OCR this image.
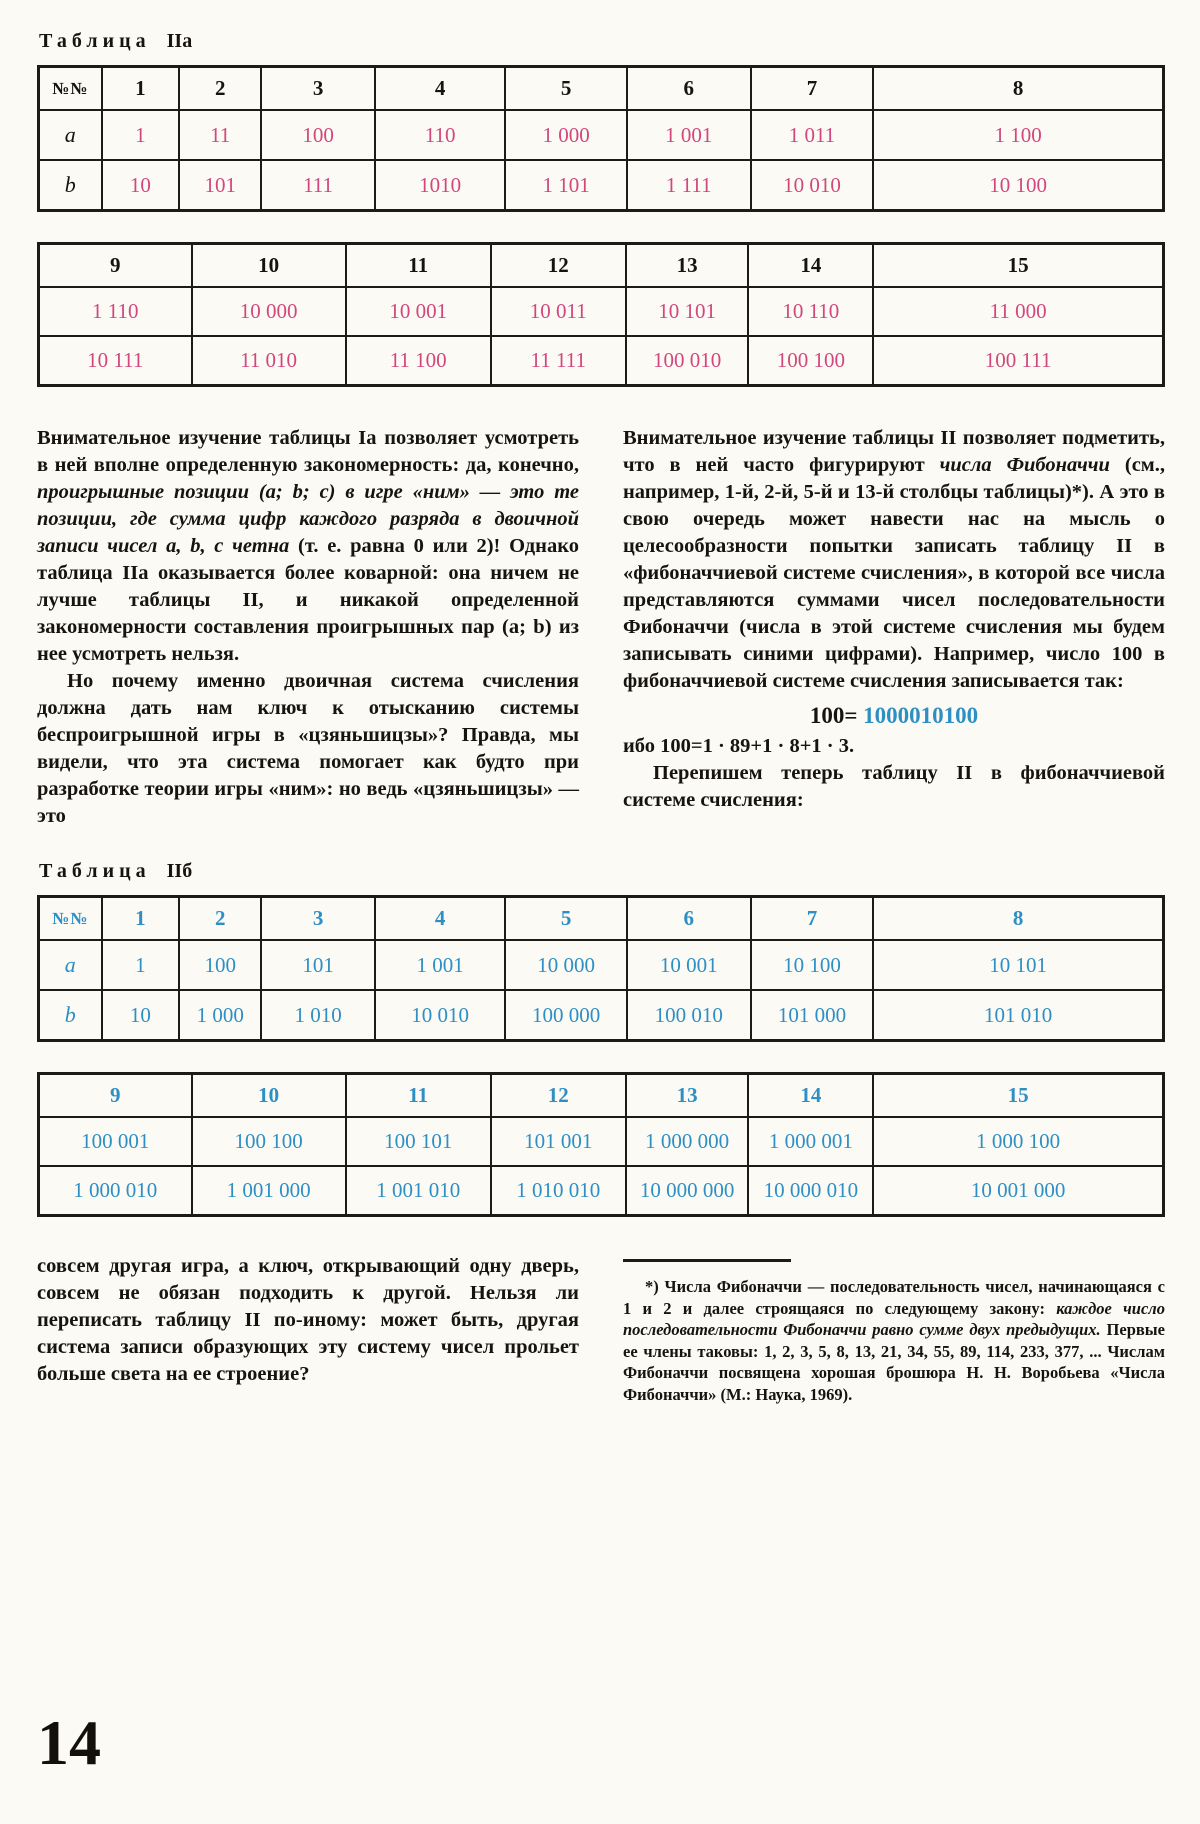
Таблица IIа
№№	1	2	3	4	5	6	7	8
a	1	11	100	110	1 000	1 001	1 011	1 100
b	10	101	111	1010	1 101	1 111	10 010	10 100
9	10	11	12	13	14	15
1 110	10 000	10 001	10 011	10 101	10 110	11 000
10 111	11 010	11 100	11 111	100 010	100 100	100 111

Внимательное изучение таблицы Iа позволяет усмотреть в ней вполне определенную закономерность: да, конечно, проигрышные позиции (a; b; c) в игре «ним» — это те позиции, где сумма цифр каждого разряда в двоичной записи чисел a, b, c четна (т. е. равна 0 или 2)! Однако таблица IIа оказывается более коварной: она ничем не лучше таблицы II, и никакой определенной закономерности составления проигрышных пар (a; b) из нее усмотреть нельзя.

Но почему именно двоичная система счисления должна дать нам ключ к отысканию системы беспроигрышной игры в «цзяньшицзы»? Правда, мы видели, что эта система помогает как будто при разработке теории игры «ним»: но ведь «цзяньшицзы» — это

Внимательное изучение таблицы II позволяет подметить, что в ней часто фигурируют числа Фибоначчи (см., например, 1-й, 2-й, 5-й и 13-й столбцы таблицы)*). А это в свою очередь может навести нас на мысль о целесообразности попытки записать таблицу II в «фибоначчиевой системе счисления», в которой все числа представляются суммами чисел последовательности Фибоначчи (числа в этой системе счисления мы будем записывать синими цифрами). Например, число 100 в фибоначчиевой системе счисления записывается так:

100= 1000010100

ибо 100=1 · 89+1 · 8+1 · 3.

Перепишем теперь таблицу II в фибоначчиевой системе счисления:

Таблица IIб
№№	1	2	3	4	5	6	7	8
a	1	100	101	1 001	10 000	10 001	10 100	10 101
b	10	1 000	1 010	10 010	100 000	100 010	101 000	101 010
9	10	11	12	13	14	15
100 001	100 100	100 101	101 001	1 000 000	1 000 001	1 000 100
1 000 010	1 001 000	1 001 010	1 010 010	10 000 000	10 000 010	10 001 000

совсем другая игра, а ключ, открывающий одну дверь, совсем не обязан подходить к другой. Нельзя ли переписать таблицу II по-иному: может быть, другая система записи образующих эту систему чисел прольет больше света на ее строение?

*) Числа Фибоначчи — последовательность чисел, начинающаяся с 1 и 2 и далее строящаяся по следующему закону: каждое число последовательности Фибоначчи равно сумме двух предыдущих. Первые ее члены таковы: 1, 2, 3, 5, 8, 13, 21, 34, 55, 89, 114, 233, 377, ... Числам Фибоначчи посвящена хорошая брошюра Н. Н. Воробьева «Числа Фибоначчи» (М.: Наука, 1969).

14
